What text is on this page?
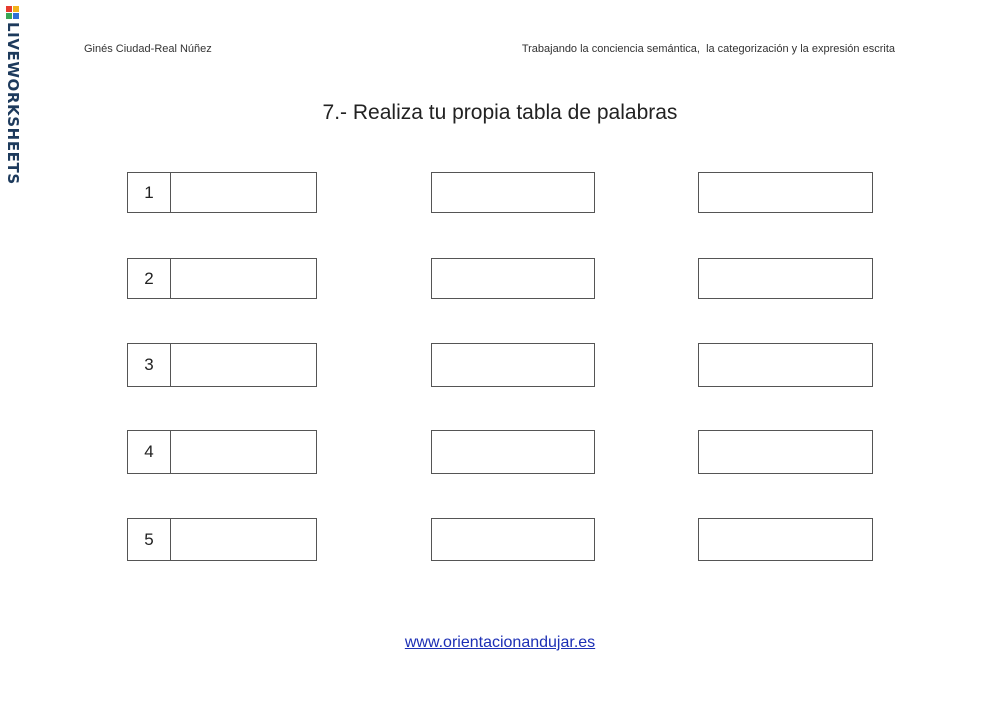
LIVEWORKSHEETS	Ginés Ciudad-Real Núñez	Trabajando la conciencia semántica,  la categorización y la expresión escrita
7.- Realiza tu propia tabla de palabras
1
2
3
4
5
www.orientacionandujar.es
